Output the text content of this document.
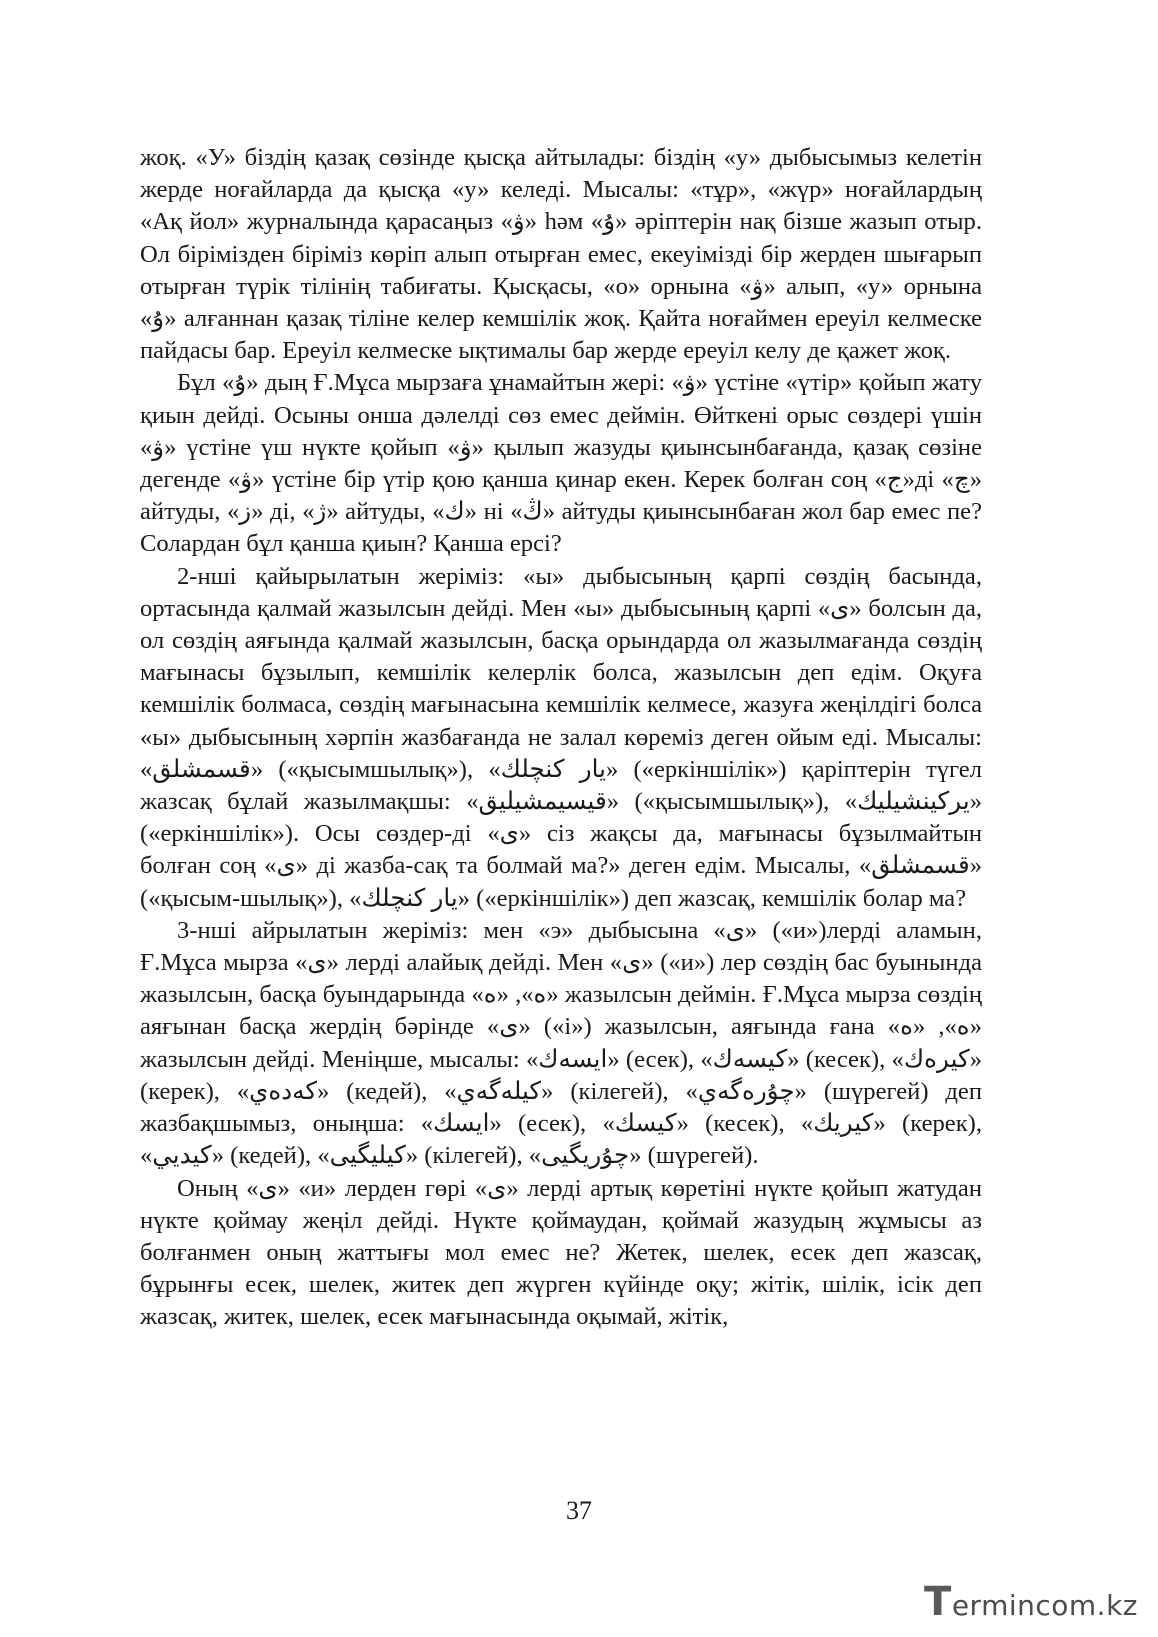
жоқ. «У» біздің қазақ сөзінде қысқа айтылады: біздің «у» дыбысымыз келетін жерде ноғайларда да қысқа «у» келеді. Мысалы: «тұр», «жүр» ноғайлардың «Ақ йол» журналында қарасаңыз «ۋ» һәм «ۇ» әріптерін нақ бізше жазып отыр. Ол бірімізден біріміз көріп алып отырған емес, екеуімізді бір жерден шығарып отырған түрік тілінің табиғаты. Қысқасы, «о» орнына «ۋ» алып, «у» орнына «ۇ» алғаннан қазақ тіліне келер кемшілік жоқ. Қайта ноғаймен ереуіл келмеске пайдасы бар. Ереуіл келмеске ықтималы бар жерде ереуіл келу де қажет жоқ.

Бұл «ۇ» дың Ғ.Мұса мырзаға ұнамайтын жері: «ۋ» үстіне «үтір» қойып жату қиын дейді. Осыны онша дәлелді сөз емес деймін. Өйткені орыс сөздері үшін «ۋ» үстіне үш нүкте қойып «ۋ» қылып жазуды қиынсынбағанда, қазақ сөзіне дегенде «ۋ» үстіне бір үтір қою қанша қинар екен. Керек болған соң «ج»ді «چ» айтуды, «ز» ді, «ژ» айтуды, «ك» ні «ڭ» айтуды қиынсынбаған жол бар емес пе? Солардан бұл қанша қиын? Қанша ерсі?

2-нші қайырылатын жеріміз: «ы» дыбысының қарпі сөздің басында, ортасында қалмай жазылсын дейді. Мен «ы» дыбысының қарпі «ى» болсын да, ол сөздің аяғында қалмай жазылсын, басқа орындарда ол жазылмағанда сөздің мағынасы бұзылып, кемшілік келерлік болса, жазылсын деп едім. Оқуға кемшілік болмаса, сөздің мағынасына кемшілік келмесе, жазуға жеңілдігі болса «ы» дыбысының хәрпін жазбағанда не залал көреміз деген ойым еді. Мысалы: «قسمشلق» («қысымшылық»), «يار كنچلك» («еркіншілік») қаріптерін түгел жазсақ бұлай жазылмақшы: «قيسيمشيليق» («қысымшылық»), «يركينشيليك» («еркіншілік»). Осы сөздер-ді «ى» сіз жақсы да, мағынасы бұзылмайтын болған соң «ى» ді жазба-сақ та болмай ма?» деген едім. Мысалы, «قسمشلق» («қысым-шылық»), «يار كنچلك» («еркіншілік») деп жазсақ, кемшілік болар ма?

3-нші айрылатын жеріміз: мен «э» дыбысына «ى» («и»)лерді аламын, Ғ.Мұса мырза «ى» лерді алайық дейді. Мен «ى» («и») лер сөздің бас буынында жазылсын, басқа буындарында «ە», «ه» жазылсын деймін. Ғ.Мұса мырза сөздің аяғынан басқа жердің бәрінде «ى» («і») жазылсын, аяғында ғана «ە», «ه» жазылсын дейді. Меніңше, мысалы: «ايسەك» (есек), «كيسەك» (кесек), «كيرەك» (керек), «كەدەي» (кедей), «كيلەگەي» (кілегей), «چۇرەگەي» (шүрегей) деп жазбақшымыз, оныңша: «ايسك» (есек), «كيسك» (кесек), «كيريك» (керек), «كيديي» (кедей), «كيليگيى» (кілегей), «چۇريگيى» (шүрегей).

Оның «ى» «и» лерден гөрі «ى» лерді артық көретіні нүкте қойып жатудан нүкте қоймау жеңіл дейді. Нүкте қоймаудан, қоймай жазудың жұмысы аз болғанмен оның жаттығы мол емес не? Жетек, шелек, есек деп жазсақ, бұрынғы есек, шелек, житек деп жүрген күйінде оқу; жітік, шілік, ісік деп жазсақ, житек, шелек, есек мағынасында оқымай, жітік,

37
Termincom.kz
